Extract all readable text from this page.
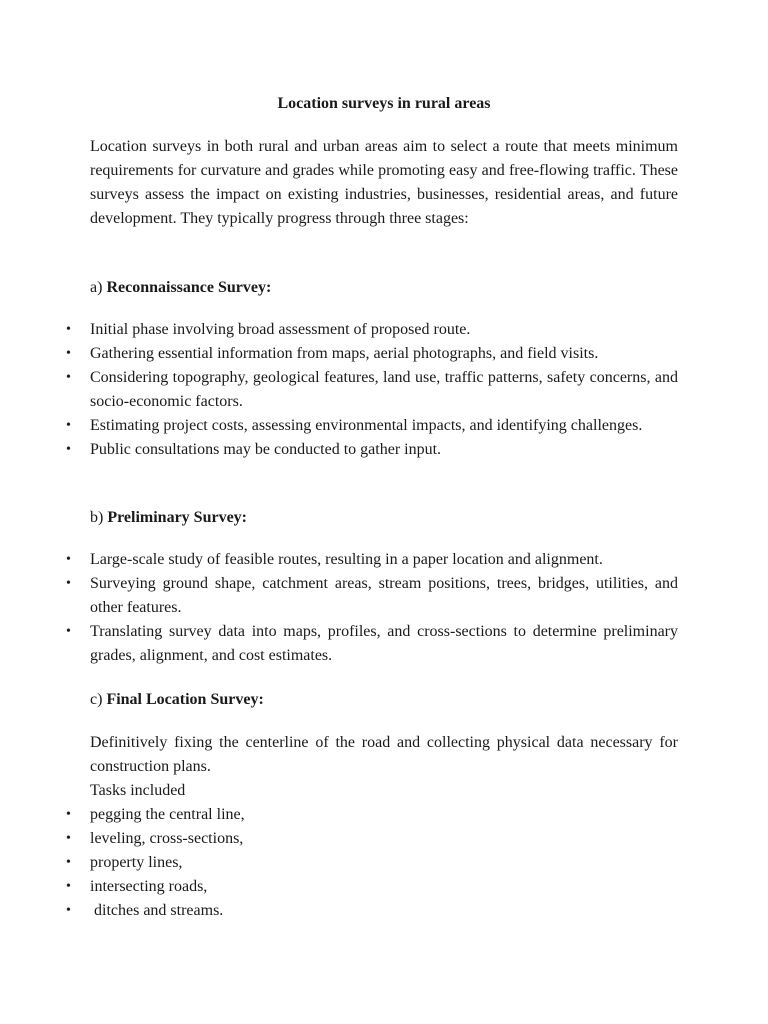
Location surveys in rural areas

Location surveys in both rural and urban areas aim to select a route that meets minimum requirements for curvature and grades while promoting easy and free-flowing traffic. These surveys assess the impact on existing industries, businesses, residential areas, and future development. They typically progress through three stages:

a) Reconnaissance Survey:

• Initial phase involving broad assessment of proposed route.
• Gathering essential information from maps, aerial photographs, and field visits.
• Considering topography, geological features, land use, traffic patterns, safety concerns, and socio-economic factors.
• Estimating project costs, assessing environmental impacts, and identifying challenges.
• Public consultations may be conducted to gather input.

b) Preliminary Survey:

• Large-scale study of feasible routes, resulting in a paper location and alignment.
• Surveying ground shape, catchment areas, stream positions, trees, bridges, utilities, and other features.
• Translating survey data into maps, profiles, and cross-sections to determine preliminary grades, alignment, and cost estimates.

c) Final Location Survey:

Definitively fixing the centerline of the road and collecting physical data necessary for construction plans.

Tasks included

• pegging the central line,
• leveling, cross-sections,
• property lines,
• intersecting roads,
•  ditches and streams.
